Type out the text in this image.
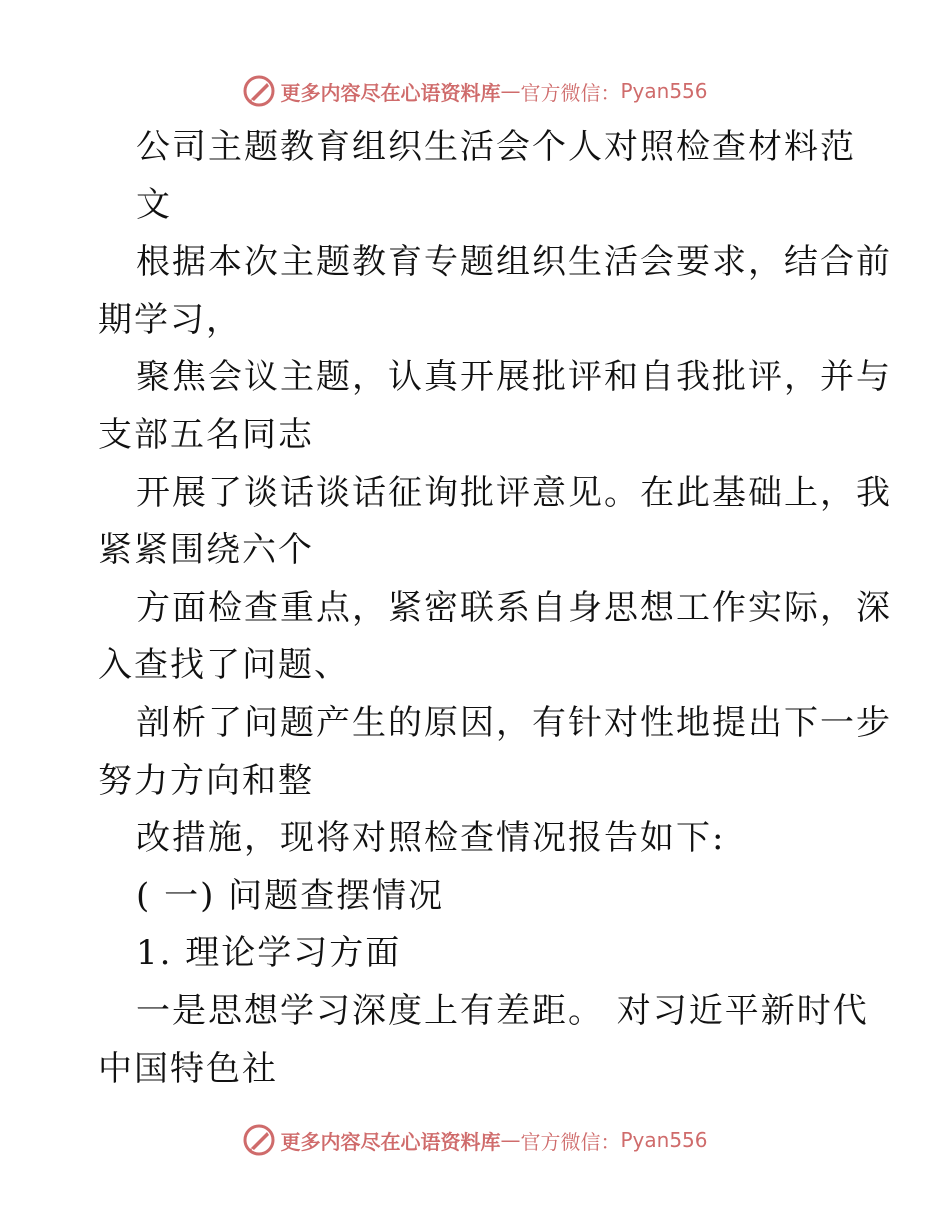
更多内容尽在心语资料库 — 官方微信： Pyan556
公司主题教育组织生活会个人对照检查材料范
文
根据本次主题教育专题组织生活会要求，结合前
期学习，
聚焦会议主题，认真开展批评和自我批评，并与
支部五名同志
开展了谈话谈话征询批评意见。在此基础上，我
紧紧围绕六个
方面检查重点，紧密联系自身思想工作实际，深
入查找了问题、
剖析了问题产生的原因，有针对性地提出下一步
努力方向和整
改措施，现将对照检查情况报告如下:
( 一) 问题查摆情况
1. 理论学习方面
一是思想学习深度上有差距。 对习近平新时代
中国特色社
更多内容尽在心语资料库 — 官方微信： Pyan556
